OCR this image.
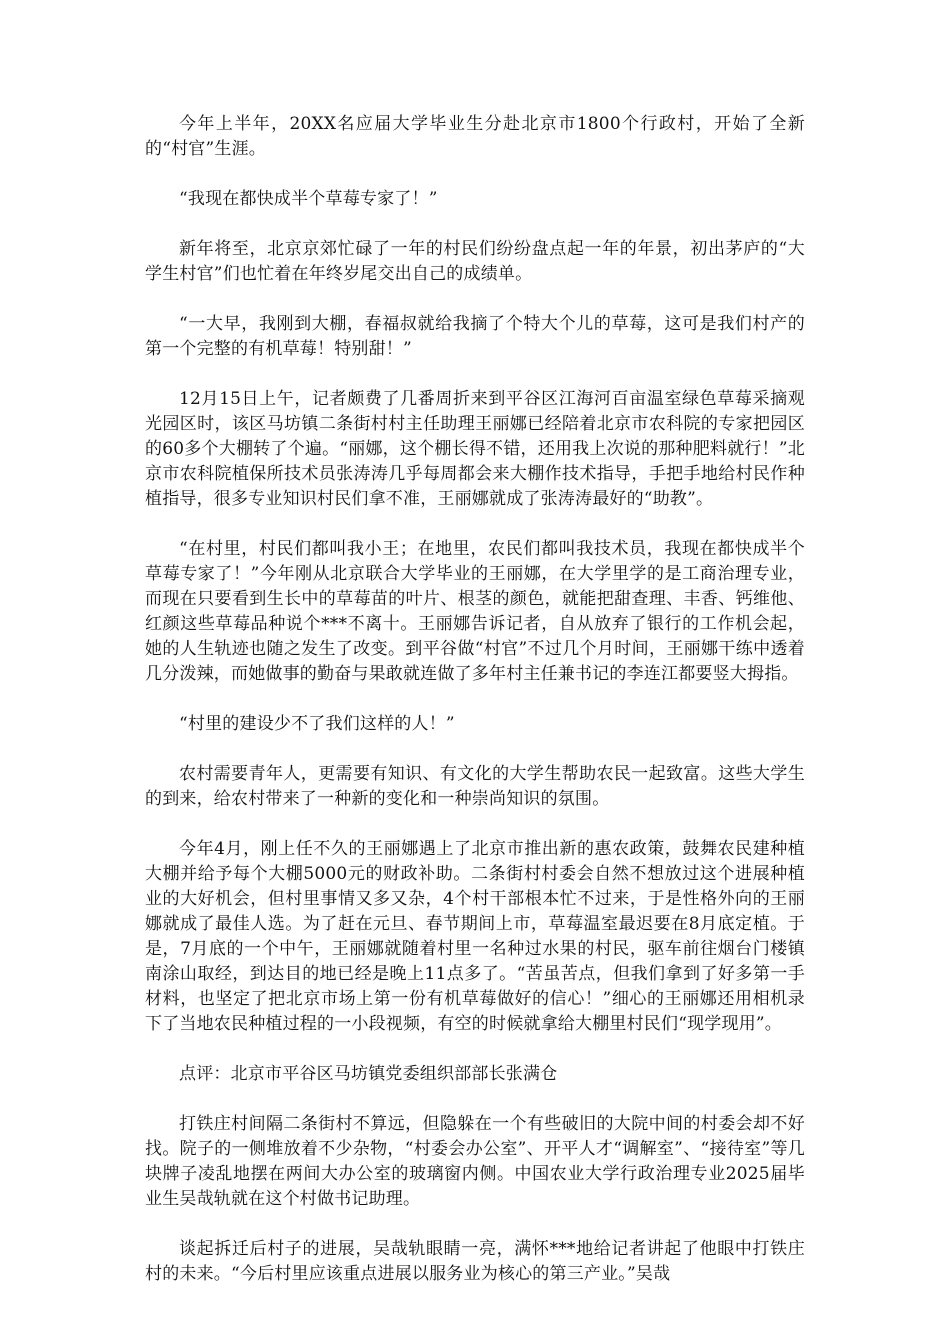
今年上半年，20XX名应届大学毕业生分赴北京市1800个行政村，开始了全新的“村官”生涯。

“我现在都快成半个草莓专家了！”

新年将至，北京京郊忙碌了一年的村民们纷纷盘点起一年的年景，初出茅庐的“大学生村官”们也忙着在年终岁尾交出自己的成绩单。

“一大早，我刚到大棚，春福叔就给我摘了个特大个儿的草莓，这可是我们村产的第一个完整的有机草莓！特别甜！”

12月15日上午，记者颇费了几番周折来到平谷区江海河百亩温室绿色草莓采摘观光园区时，该区马坊镇二条街村村主任助理王丽娜已经陪着北京市农科院的专家把园区的60多个大棚转了个遍。“丽娜，这个棚长得不错，还用我上次说的那种肥料就行！”北京市农科院植保所技术员张涛涛几乎每周都会来大棚作技术指导，手把手地给村民作种植指导，很多专业知识村民们拿不准，王丽娜就成了张涛涛最好的“助教”。

“在村里，村民们都叫我小王；在地里，农民们都叫我技术员，我现在都快成半个草莓专家了！”今年刚从北京联合大学毕业的王丽娜，在大学里学的是工商治理专业，而现在只要看到生长中的草莓苗的叶片、根茎的颜色，就能把甜查理、丰香、钙维他、红颜这些草莓品种说个***不离十。王丽娜告诉记者，自从放弃了银行的工作机会起，她的人生轨迹也随之发生了改变。到平谷做“村官”不过几个月时间，王丽娜干练中透着几分泼辣，而她做事的勤奋与果敢就连做了多年村主任兼书记的李连江都要竖大拇指。

“村里的建设少不了我们这样的人！”

农村需要青年人，更需要有知识、有文化的大学生帮助农民一起致富。这些大学生的到来，给农村带来了一种新的变化和一种崇尚知识的氛围。

今年4月，刚上任不久的王丽娜遇上了北京市推出新的惠农政策，鼓舞农民建种植大棚并给予每个大棚5000元的财政补助。二条街村村委会自然不想放过这个进展种植业的大好机会，但村里事情又多又杂，4个村干部根本忙不过来，于是性格外向的王丽娜就成了最佳人选。为了赶在元旦、春节期间上市，草莓温室最迟要在8月底定植。于是，7月底的一个中午，王丽娜就随着村里一名种过水果的村民，驱车前往烟台门楼镇南涂山取经，到达目的地已经是晚上11点多了。“苦虽苦点，但我们拿到了好多第一手材料，也坚定了把北京市场上第一份有机草莓做好的信心！”细心的王丽娜还用相机录下了当地农民种植过程的一小段视频，有空的时候就拿给大棚里村民们“现学现用”。

点评：北京市平谷区马坊镇党委组织部部长张满仓

打铁庄村间隔二条街村不算远，但隐躲在一个有些破旧的大院中间的村委会却不好找。院子的一侧堆放着不少杂物，“村委会办公室”、开平人才“调解室”、“接待室”等几块牌子凌乱地摆在两间大办公室的玻璃窗内侧。中国农业大学行政治理专业2025届毕业生吴哉轨就在这个村做书记助理。

谈起拆迁后村子的进展，吴哉轨眼睛一亮，满怀***地给记者讲起了他眼中打铁庄村的未来。“今后村里应该重点进展以服务业为核心的第三产业。”吴哉
